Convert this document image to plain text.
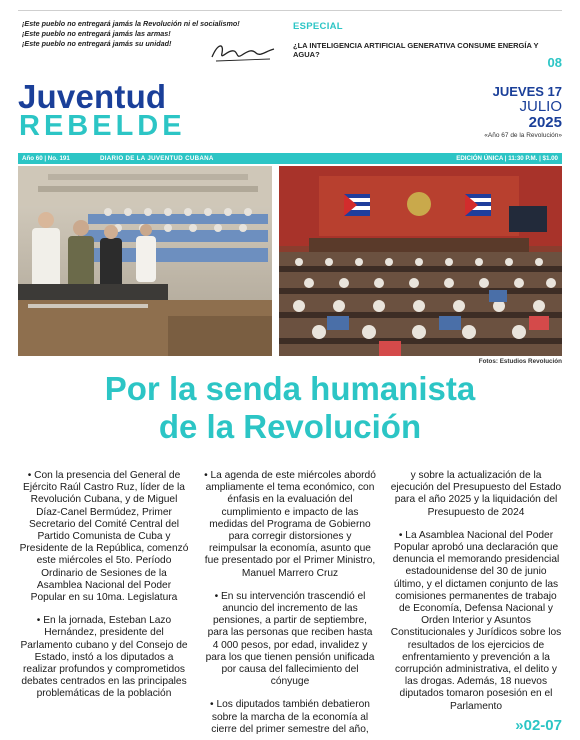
¡Este pueblo no entregará jamás la Revolución ni el socialismo!
¡Este pueblo no entregará jamás las armas!
¡Este pueblo no entregará jamás su unidad!
ESPECIAL
¿LA INTELIGENCIA ARTIFICIAL GENERATIVA CONSUME ENERGÍA Y AGUA?
08
Juventud
REBELDE
JUEVES 17
JULIO
2025
«Año 67 de la Revolución»
Año 60 | No. 191	DIARIO DE LA JUVENTUD CUBANA	EDICIÓN ÚNICA | 11:30 P.M. | $1.00
Fotos: Estudios Revolución
Por la senda humanista
de la Revolución

• Con la presencia del General de Ejército Raúl Castro Ruz, líder de la Revolución Cubana, y de Miguel Díaz-Canel Bermúdez, Primer Secretario del Comité Central del Partido Comunista de Cuba y Presidente de la República, comenzó este miércoles el 5to. Período Ordinario de Sesiones de la Asamblea Nacional del Poder Popular en su 10ma. Legislatura

• En la jornada, Esteban Lazo Hernández, presidente del Parlamento cubano y del Consejo de Estado, instó a los diputados a realizar profundos y comprometidos debates centrados en las principales problemáticas de la población

• La agenda de este miércoles abordó ampliamente el tema económico, con énfasis en la evaluación del cumplimiento e impacto de las medidas del Programa de Gobierno para corregir distorsiones y reimpulsar la economía, asunto que fue presentado por el Primer Ministro, Manuel Marrero Cruz

• En su intervención trascendió el anuncio del incremento de las pensiones, a partir de septiembre, para las personas que reciben hasta 4 000 pesos, por edad, invalidez y para los que tienen pensión unificada por causa del fallecimiento del cónyuge

• Los diputados también debatieron sobre la marcha de la economía al cierre del primer semestre del año,

y sobre la actualización de la ejecución del Presupuesto del Estado para el año 2025 y la liquidación del Presupuesto de 2024

• La Asamblea Nacional del Poder Popular aprobó una declaración que denuncia el memorando presidencial estadounidense del 30 de junio último, y el dictamen conjunto de las comisiones permanentes de trabajo de Economía, Defensa Nacional y Orden Interior y Asuntos Constitucionales y Jurídicos sobre los resultados de los ejercicios de enfrentamiento y prevención a la corrupción administrativa, el delito y las drogas. Además, 18 nuevos diputados tomaron posesión en el Parlamento

»02-07
